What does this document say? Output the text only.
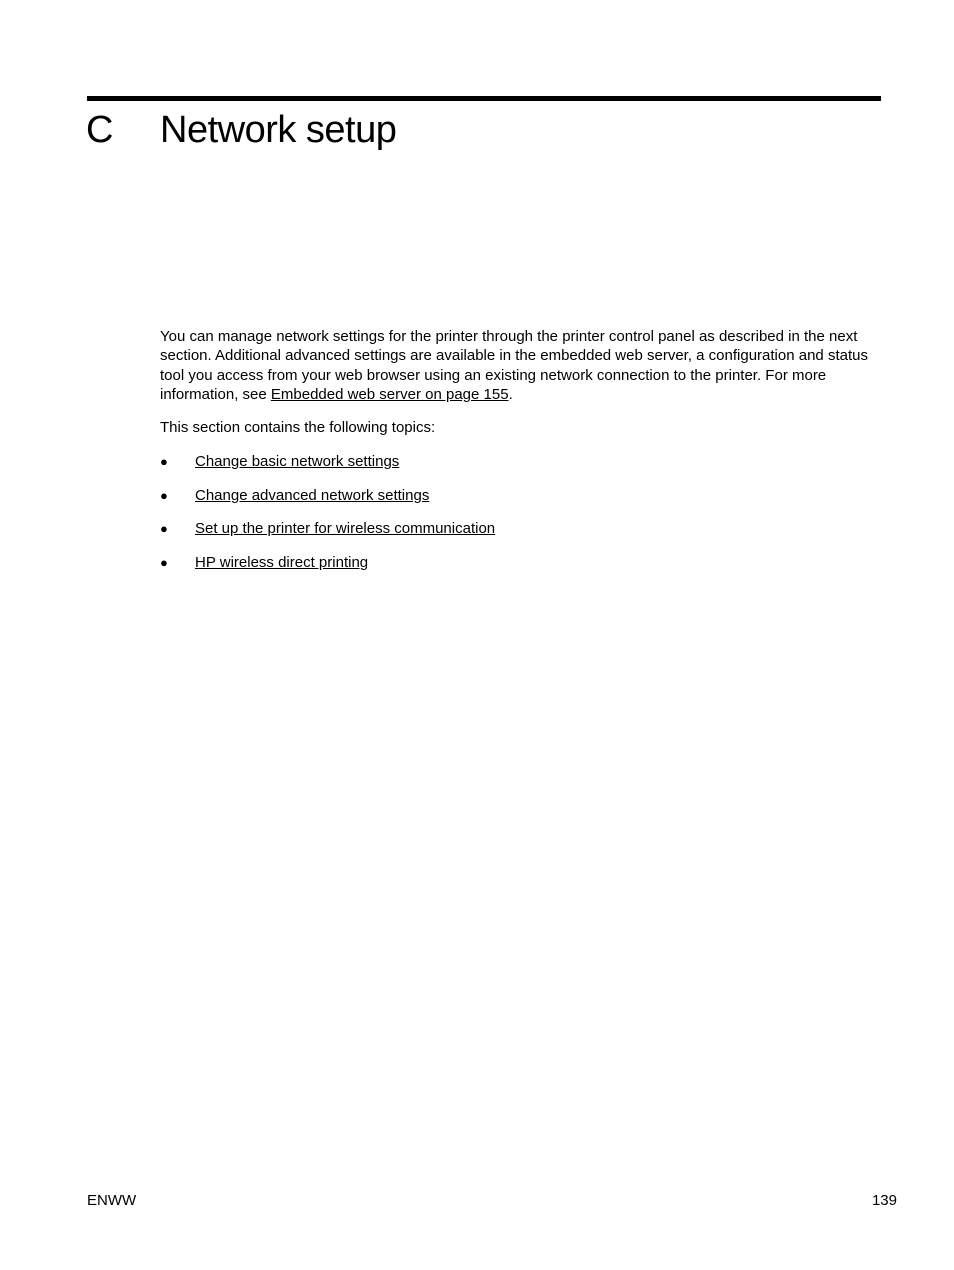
C Network setup

You can manage network settings for the printer through the printer control panel as described in the next section. Additional advanced settings are available in the embedded web server, a configuration and status tool you access from your web browser using an existing network connection to the printer. For more information, see Embedded web server on page 155.

This section contains the following topics:

● Change basic network settings
● Change advanced network settings
● Set up the printer for wireless communication
● HP wireless direct printing
ENWW	139
